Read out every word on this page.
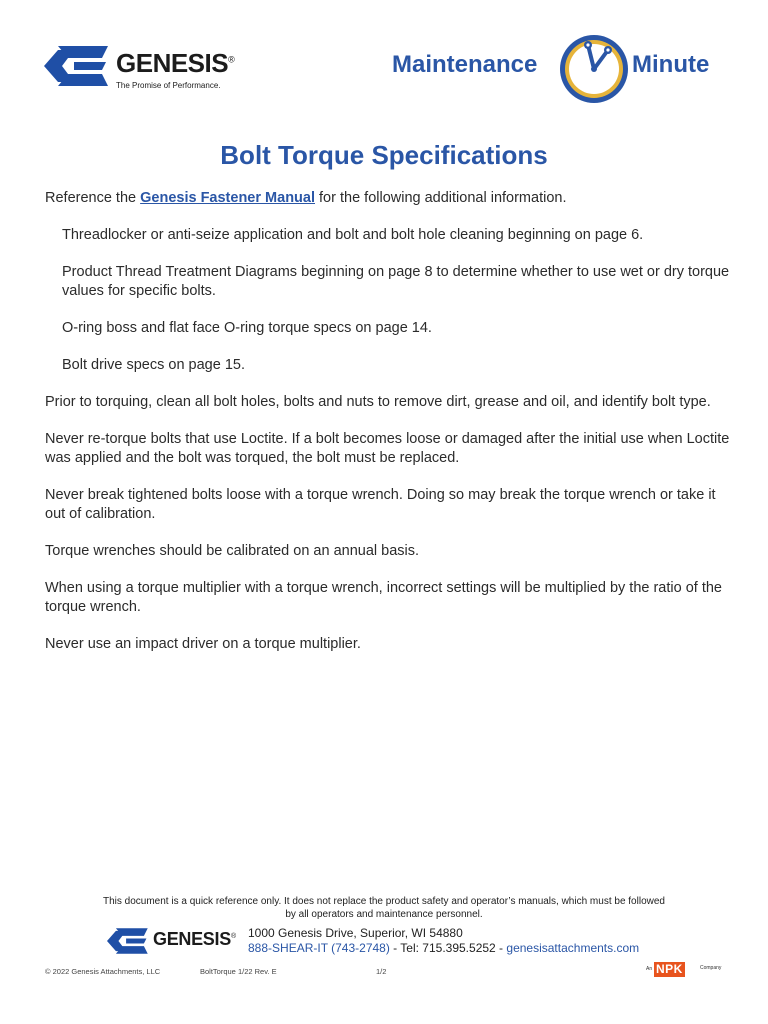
GENESIS®
The Promise of Performance.
Maintenance	Minute
Bolt Torque Specifications

Reference the Genesis Fastener Manual for the following additional information.

Threadlocker or anti-seize application and bolt and bolt hole cleaning beginning on page 6.

Product Thread Treatment Diagrams beginning on page 8 to determine whether to use wet or dry torque values for specific bolts.

O-ring boss and flat face O-ring torque specs on page 14.

Bolt drive specs on page 15.

Prior to torquing, clean all bolt holes, bolts and nuts to remove dirt, grease and oil, and identify bolt type.

Never re-torque bolts that use Loctite. If a bolt becomes loose or damaged after the initial use when Loctite was applied and the bolt was torqued, the bolt must be replaced.

Never break tightened bolts loose with a torque wrench. Doing so may break the torque wrench or take it out of calibration.

Torque wrenches should be calibrated on an annual basis.

When using a torque multiplier with a torque wrench, incorrect settings will be multiplied by the ratio of the torque wrench.

Never use an impact driver on a torque multiplier.

This document is a quick reference only. It does not replace the product safety and operator’s manuals, which must be followed
by all operators and maintenance personnel.
GENESIS® 1000 Genesis Drive, Superior, WI 54880
888-SHEAR-IT (743-2748) - Tel: 715.395.5252 - genesisattachments.com
© 2022 Genesis Attachments, LLC	BoltTorque 1/22 Rev. E	1/2	An NPK	Company
